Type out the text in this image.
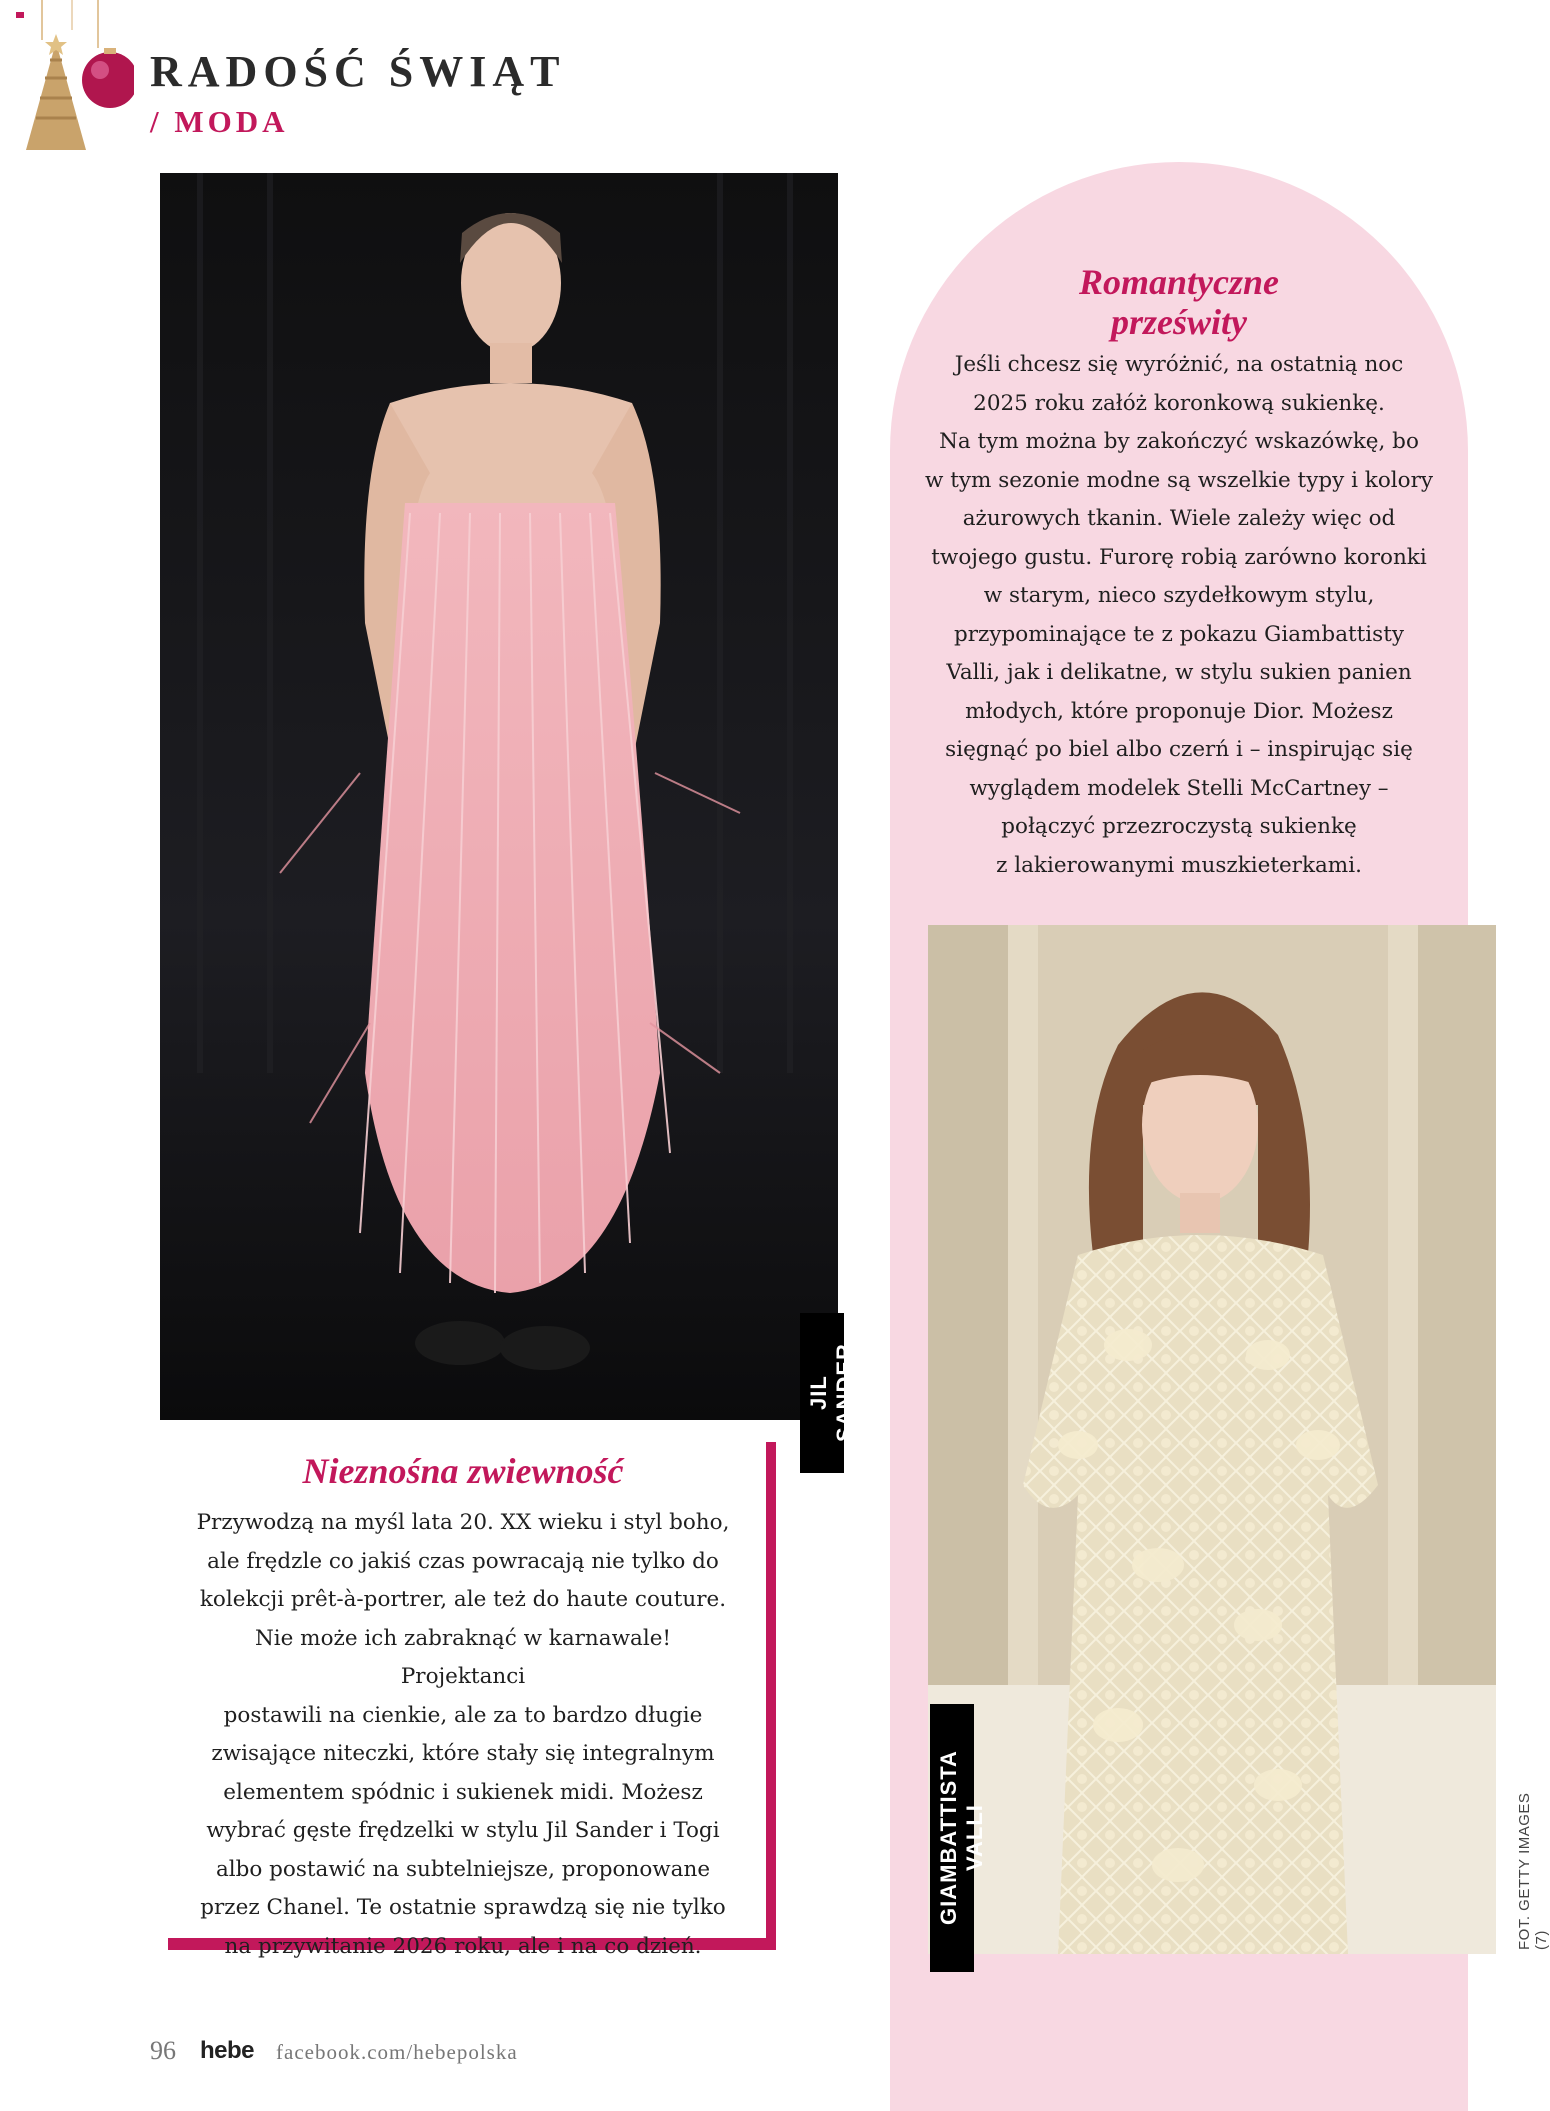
RADOŚĆ ŚWIĄT
/ MODA
JIL SANDER
Nieznośna zwiewność
Przywodzą na myśl lata 20. XX wieku i styl boho,
ale frędzle co jakiś czas powracają nie tylko do
kolekcji prêt-à-portrer, ale też do haute couture.
Nie może ich zabraknąć w karnawale! Projektanci
postawili na cienkie, ale za to bardzo długie
zwisające niteczki, które stały się integralnym
elementem spódnic i sukienek midi. Możesz
wybrać gęste frędzelki w stylu Jil Sander i Togi
albo postawić na subtelniejsze, proponowane
przez Chanel. Te ostatnie sprawdzą się nie tylko
na przywitanie 2026 roku, ale i na co dzień.
Romantyczne
prześwity
Jeśli chcesz się wyróżnić, na ostatnią noc
2025 roku załóż koronkową sukienkę.
Na tym można by zakończyć wskazówkę, bo
w tym sezonie modne są wszelkie typy i kolory
ażurowych tkanin. Wiele zależy więc od
twojego gustu. Furorę robią zarówno koronki
w starym, nieco szydełkowym stylu,
przypominające te z pokazu Giambattisty
Valli, jak i delikatne, w stylu sukien panien
młodych, które proponuje Dior. Możesz
sięgnąć po biel albo czerń i – inspirując się
wyglądem modelek Stelli McCartney –
połączyć przezroczystą sukienkę
z lakierowanymi muszkieterkami.
GIAMBATTISTA VALLI	FOT. GETTY IMAGES (7)
96 hebe facebook.com/hebepolska
